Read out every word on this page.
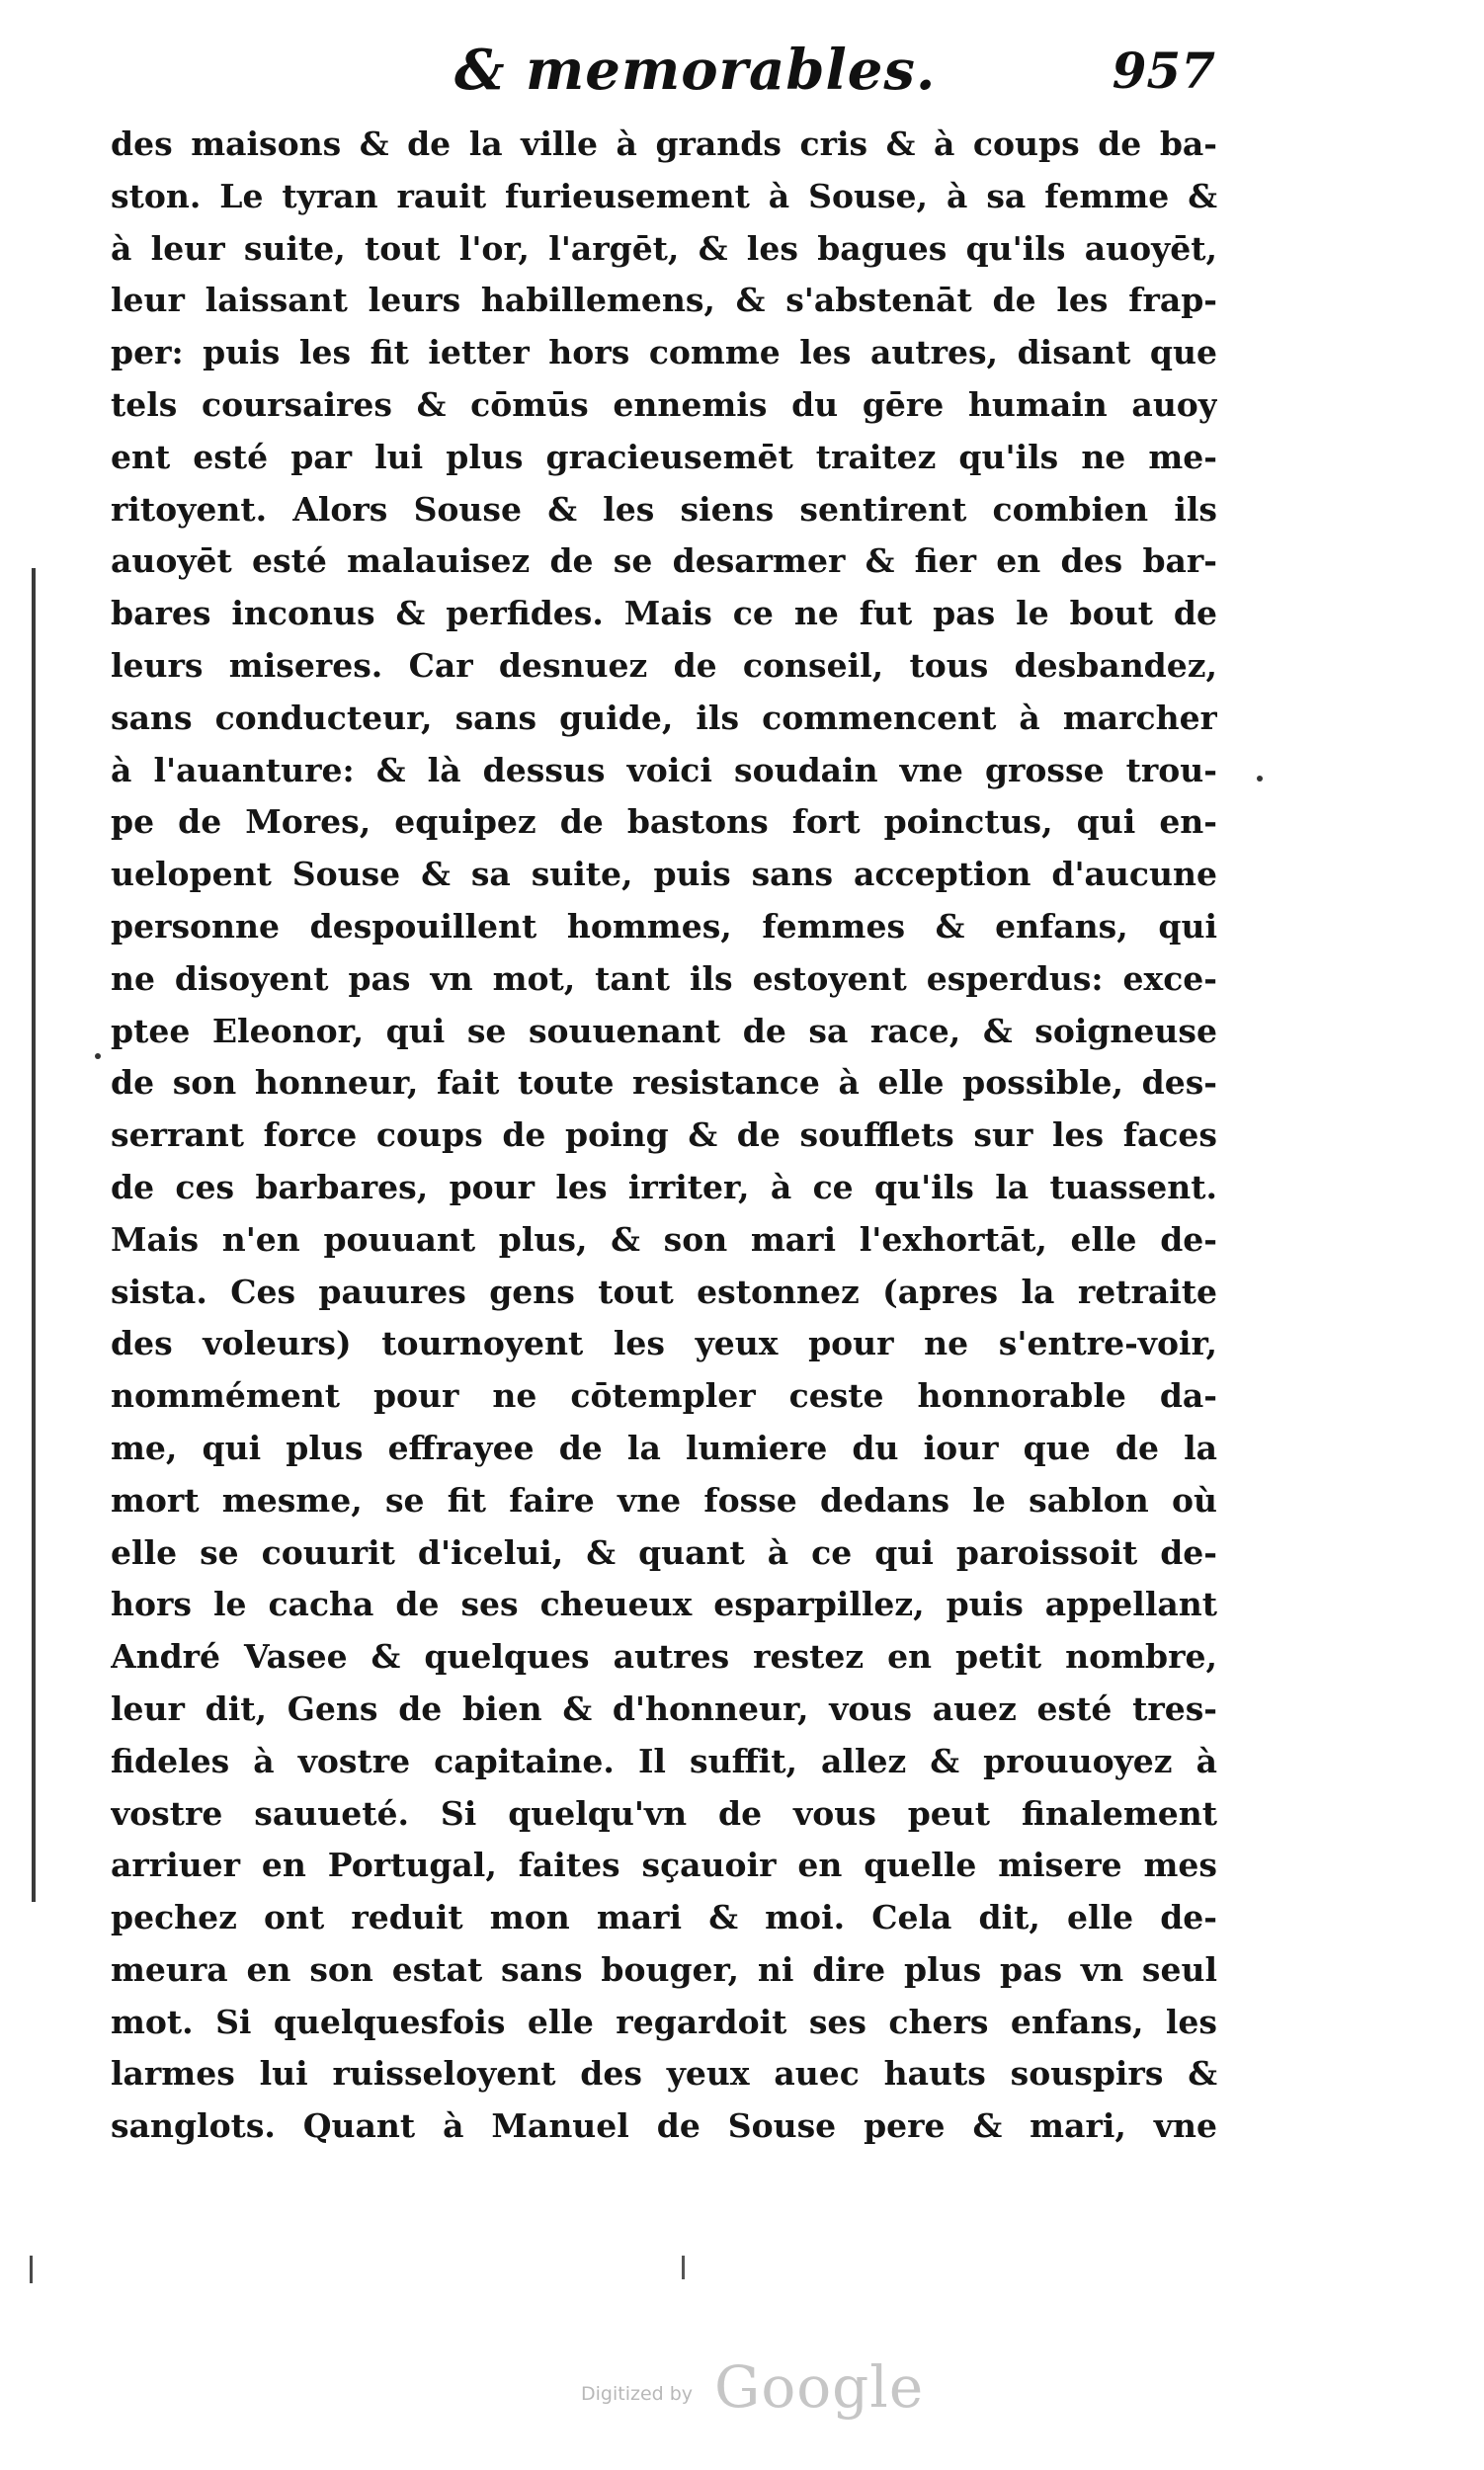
& memorables.	957
des maisons & de la ville à grands cris & à coups de ba-
ston. Le tyran rauit furieusement à Souse, à sa femme &
à leur suite, tout l'or, l'argēt, & les bagues qu'ils auoyēt,
leur laissant leurs habillemens, & s'abstenāt de les frap-
per: puis les fit ietter hors comme les autres, disant que
tels coursaires & cōmūs ennemis du gēre humain auoy
ent esté par lui plus gracieusemēt traitez qu'ils ne me-
ritoyent. Alors Souse & les siens sentirent combien ils
auoyēt esté malauisez de se desarmer & fier en des bar-
bares inconus & perfides. Mais ce ne fut pas le bout de
leurs miseres. Car desnuez de conseil, tous desbandez,
sans conducteur, sans guide, ils commencent à marcher
à l'auanture: & là dessus voici soudain vne grosse trou-
pe de Mores, equipez de bastons fort poinctus, qui en-
uelopent Souse & sa suite, puis sans acception d'aucune
personne despouillent hommes, femmes & enfans, qui
ne disoyent pas vn mot, tant ils estoyent esperdus: exce-
ptee Eleonor, qui se souuenant de sa race, & soigneuse
de son honneur, fait toute resistance à elle possible, des-
serrant force coups de poing & de soufflets sur les faces
de ces barbares, pour les irriter, à ce qu'ils la tuassent.
Mais n'en pouuant plus, & son mari l'exhortāt, elle de-
sista. Ces pauures gens tout estonnez (apres la retraite
des voleurs) tournoyent les yeux pour ne s'entre-voir,
nommément pour ne cōtempler ceste honnorable da-
me, qui plus effrayee de la lumiere du iour que de la
mort mesme, se fit faire vne fosse dedans le sablon où
elle se couurit d'icelui, & quant à ce qui paroissoit de-
hors le cacha de ses cheueux esparpillez, puis appellant
André Vasee & quelques autres restez en petit nombre,
leur dit, Gens de bien & d'honneur, vous auez esté tres-
fideles à vostre capitaine. Il suffit, allez & prouuoyez à
vostre sauueté. Si quelqu'vn de vous peut finalement
arriuer en Portugal, faites sçauoir en quelle misere mes
pechez ont reduit mon mari & moi. Cela dit, elle de-
meura en son estat sans bouger, ni dire plus pas vn seul
mot. Si quelquesfois elle regardoit ses chers enfans, les
larmes lui ruisseloyent des yeux auec hauts souspirs &
sanglots. Quant à Manuel de Souse pere & mari, vne
Digitized by Google
